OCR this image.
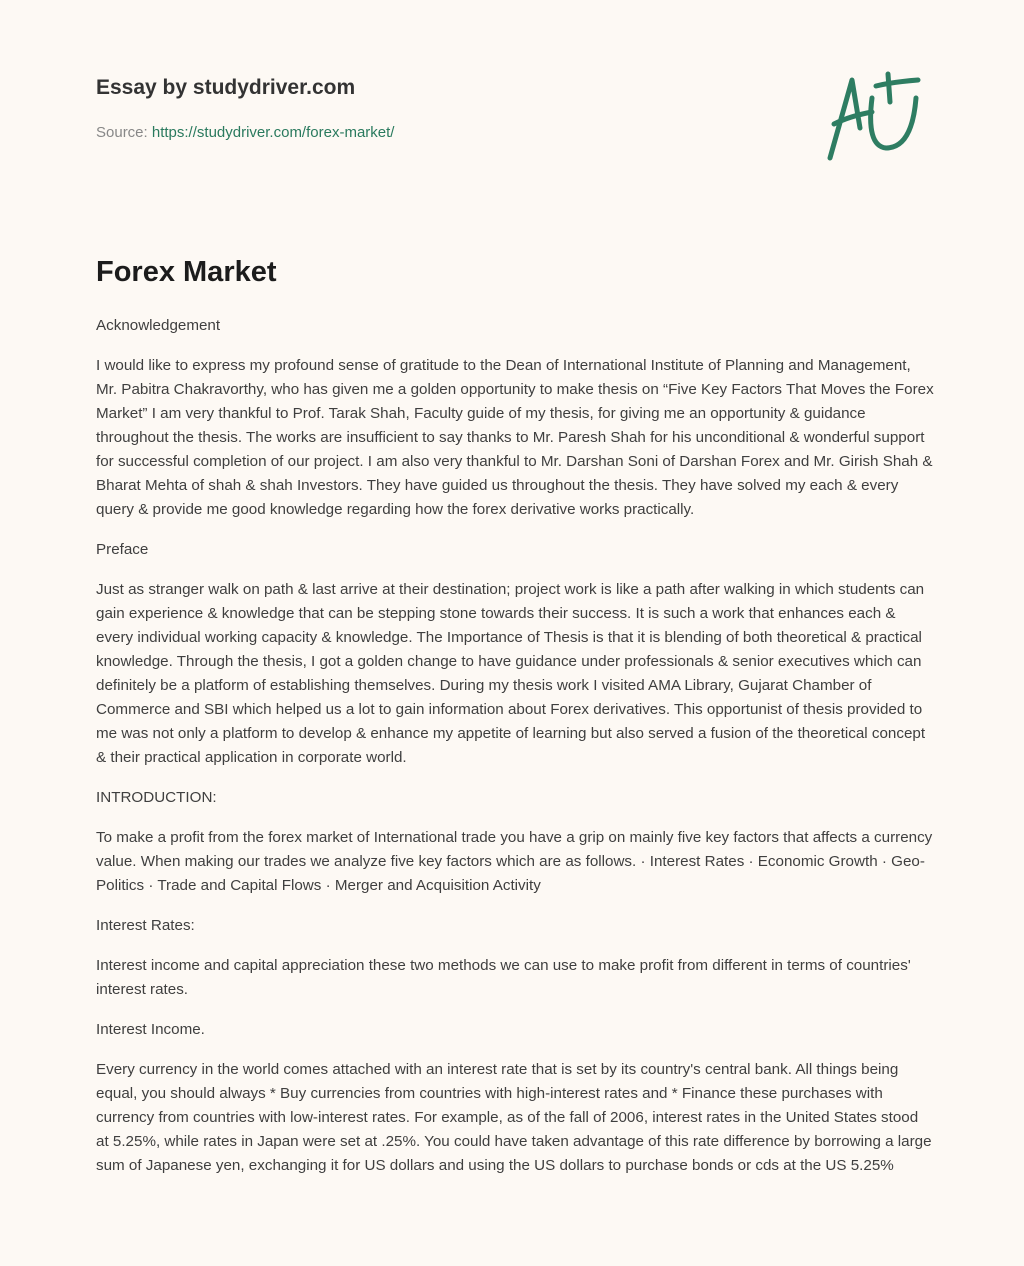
Essay by studydriver.com
Source: https://studydriver.com/forex-market/
Forex Market

Acknowledgement

I would like to express my profound sense of gratitude to the Dean of International Institute of Planning and Management, Mr. Pabitra Chakravorthy, who has given me a golden opportunity to make thesis on “Five Key Factors That Moves the Forex Market” I am very thankful to Prof. Tarak Shah, Faculty guide of my thesis, for giving me an opportunity & guidance throughout the thesis. The works are insufficient to say thanks to Mr. Paresh Shah for his unconditional & wonderful support for successful completion of our project. I am also very thankful to Mr. Darshan Soni of Darshan Forex and Mr. Girish Shah & Bharat Mehta of shah & shah Investors. They have guided us throughout the thesis. They have solved my each & every query & provide me good knowledge regarding how the forex derivative works practically.

Preface

Just as stranger walk on path & last arrive at their destination; project work is like a path after walking in which students can gain experience & knowledge that can be stepping stone towards their success. It is such a work that enhances each & every individual working capacity & knowledge. The Importance of Thesis is that it is blending of both theoretical & practical knowledge. Through the thesis, I got a golden change to have guidance under professionals & senior executives which can definitely be a platform of establishing themselves. During my thesis work I visited AMA Library, Gujarat Chamber of Commerce and SBI which helped us a lot to gain information about Forex derivatives. This opportunist of thesis provided to me was not only a platform to develop & enhance my appetite of learning but also served a fusion of the theoretical concept & their practical application in corporate world.

INTRODUCTION:

To make a profit from the forex market of International trade you have a grip on mainly five key factors that affects a currency value. When making our trades we analyze five key factors which are as follows. · Interest Rates · Economic Growth · Geo-Politics · Trade and Capital Flows · Merger and Acquisition Activity

Interest Rates:

Interest income and capital appreciation these two methods we can use to make profit from different in terms of countries' interest rates.

Interest Income.

Every currency in the world comes attached with an interest rate that is set by its country's central bank. All things being equal, you should always * Buy currencies from countries with high-interest rates and * Finance these purchases with currency from countries with low-interest rates. For example, as of the fall of 2006, interest rates in the United States stood at 5.25%, while rates in Japan were set at .25%. You could have taken advantage of this rate difference by borrowing a large sum of Japanese yen, exchanging it for US dollars and using the US dollars to purchase bonds or cds at the US 5.25%
